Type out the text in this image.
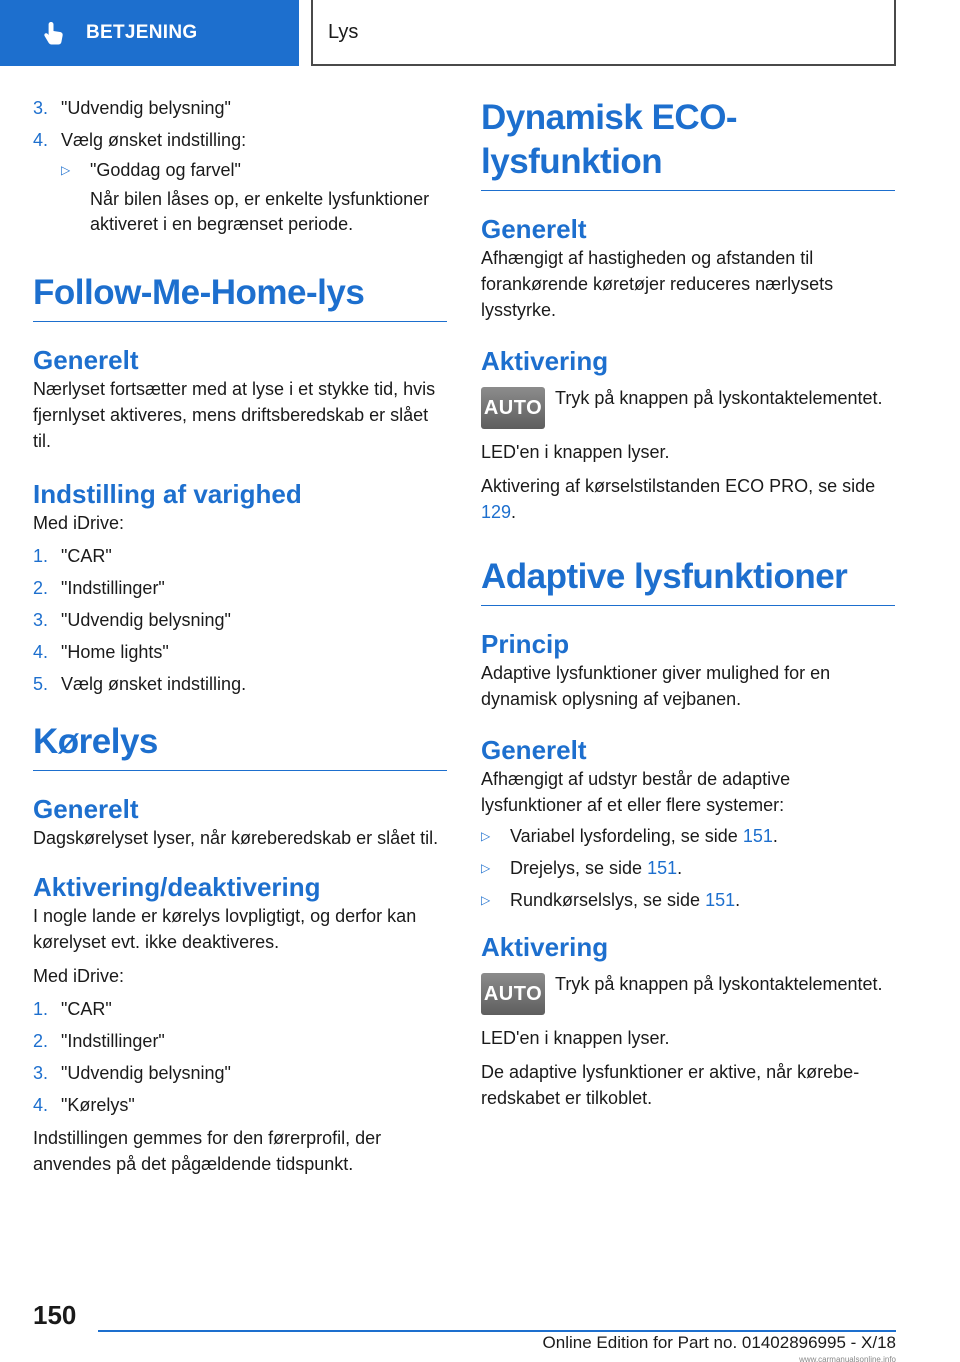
BETJENING	Lys
3. "Udvendig belysning"
4. Vælg ønsket indstilling:
▷	"Goddag og farvel"
Når bilen låses op, er enkelte lysfunktioner aktiveret i en begrænset periode.
Follow-Me-Home-lys
Generelt

Nærlyset fortsætter med at lyse i et stykke tid, hvis fjernlyset aktiveres, mens driftsberedskab er slået til.

Indstilling af varighed

Med iDrive:

1. "CAR"
2. "Indstillinger"
3. "Udvendig belysning"
4. "Home lights"
5. Vælg ønsket indstilling.
Kørelys
Generelt

Dagskørelyset lyser, når køreberedskab er slået til.

Aktivering/deaktivering

I nogle lande er kørelys lovpligtigt, og derfor kan kørelyset evt. ikke deaktiveres.

Med iDrive:

1. "CAR"
2. "Indstillinger"
3. "Udvendig belysning"
4. "Kørelys"

Indstillingen gemmes for den førerprofil, der anvendes på det pågældende tidspunkt.

Dynamisk ECO-lysfunktion
Generelt

Afhængigt af hastigheden og afstanden til forankørende køretøjer reduceres nærlysets lysstyrke.

Aktivering
AUTO Tryk på knappen på lyskontaktelementet.

LED'en i knappen lyser.

Aktivering af kørselstilstanden ECO PRO, se side 129.

Adaptive lysfunktioner
Princip

Adaptive lysfunktioner giver mulighed for en dynamisk oplysning af vejbanen.

Generelt

Afhængigt af udstyr består de adaptive lysfunktioner af et eller flere systemer:

▷	Variabel lysfordeling, se side 151.
▷	Drejelys, se side 151.
▷	Rundkørselslys, se side 151.
Aktivering
AUTO Tryk på knappen på lyskontaktelementet.

LED'en i knappen lyser.

De adaptive lysfunktioner er aktive, når køreberedskabet er tilkoblet.

150
Online Edition for Part no. 01402896995 - X/18
www.carmanualsonline.info
